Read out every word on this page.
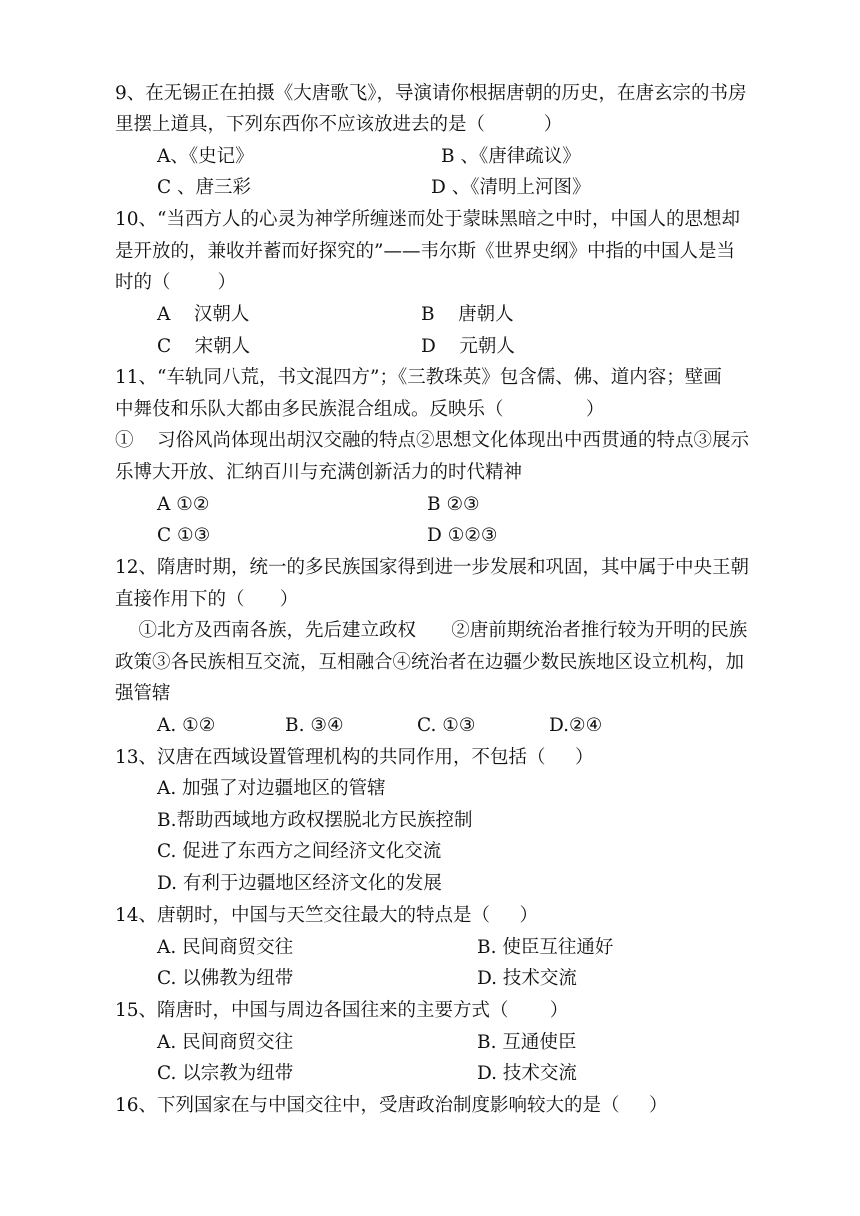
9、在无锡正在拍摄《大唐歌飞》，导演请你根据唐朝的历史，在唐玄宗的书房
里摆上道具，下列东西你不应该放进去的是（          ）
A、《史记》	B 、《唐律疏议》
C 、唐三彩	D 、《清明上河图》
10、“当西方人的心灵为神学所缠迷而处于蒙昧黑暗之中时，中国人的思想却
是开放的，兼收并蓄而好探究的”——韦尔斯《世界史纲》中指的中国人是当
时的（        ）
A    汉朝人	B    唐朝人
C    宋朝人	D    元朝人
11、“车轨同八荒，书文混四方”；《三教珠英》包含儒、佛、道内容；壁画
中舞伎和乐队大都由多民族混合组成。反映乐（              ）
①    习俗风尚体现出胡汉交融的特点②思想文化体现出中西贯通的特点③展示
乐博大开放、汇纳百川与充满创新活力的时代精神
A ①②	B ②③
C ①③	D ①②③
12、隋唐时期，统一的多民族国家得到进一步发展和巩固，其中属于中央王朝
直接作用下的（      ）
①北方及西南各族，先后建立政权      ②唐前期统治者推行较为开明的民族
政策③各民族相互交流，互相融合④统治者在边疆少数民族地区设立机构，加
强管辖
A. ①②	B. ③④	C. ①③	D.②④
13、汉唐在西域设置管理机构的共同作用，不包括（     ）
A. 加强了对边疆地区的管辖
B.帮助西域地方政权摆脱北方民族控制
C. 促进了东西方之间经济文化交流
D. 有利于边疆地区经济文化的发展
14、唐朝时，中国与天竺交往最大的特点是（     ）
A. 民间商贸交往	B. 使臣互往通好
C. 以佛教为纽带	D. 技术交流
15、隋唐时，中国与周边各国往来的主要方式（       ）
A. 民间商贸交往	B. 互通使臣
C. 以宗教为纽带	D. 技术交流
16、下列国家在与中国交往中，受唐政治制度影响较大的是（     ）
